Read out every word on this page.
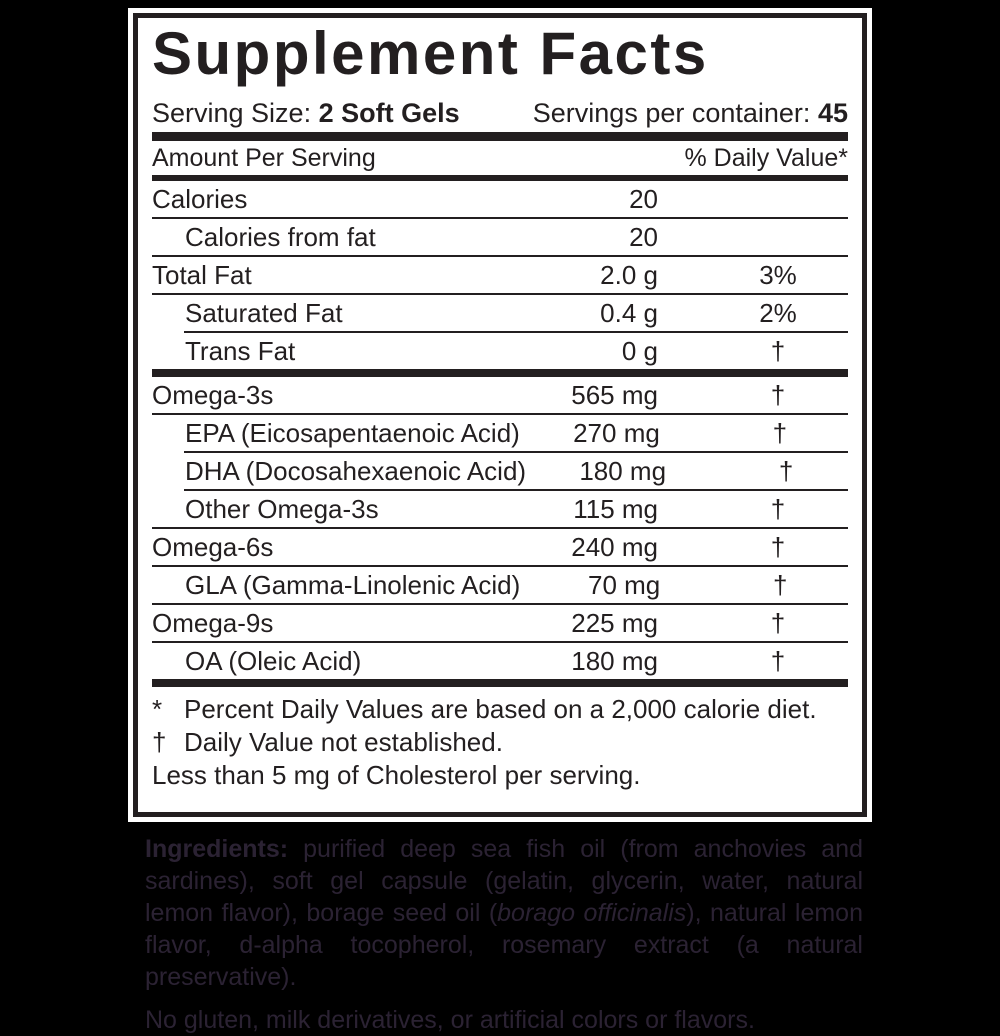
Supplement Facts
Serving Size: 2 Soft Gels	Servings per container: 45
Amount Per Serving	% Daily Value*
Calories	20
Calories from fat	20
Total Fat	2.0 g	3%
Saturated Fat	0.4 g	2%
Trans Fat	0 g	†
Omega-3s	565 mg	†
EPA (Eicosapentaenoic Acid)	270 mg	†
DHA (Docosahexaenoic Acid)	180 mg	†
Other Omega-3s	115 mg	†
Omega-6s	240 mg	†
GLA (Gamma-Linolenic Acid)	70 mg	†
Omega-9s	225 mg	†
OA (Oleic Acid)	180 mg	†
* Percent Daily Values are based on a 2,000 calorie diet.
† Daily Value not established.
Less than 5 mg of Cholesterol per serving.

Ingredients: purified deep sea fish oil (from anchovies and sardines), soft gel capsule (gelatin, glycerin, water, natural lemon flavor), borage seed oil (borago officinalis), natural lemon flavor, d-alpha tocopherol, rosemary extract (a natural preservative).

No gluten, milk derivatives, or artificial colors or flavors.
